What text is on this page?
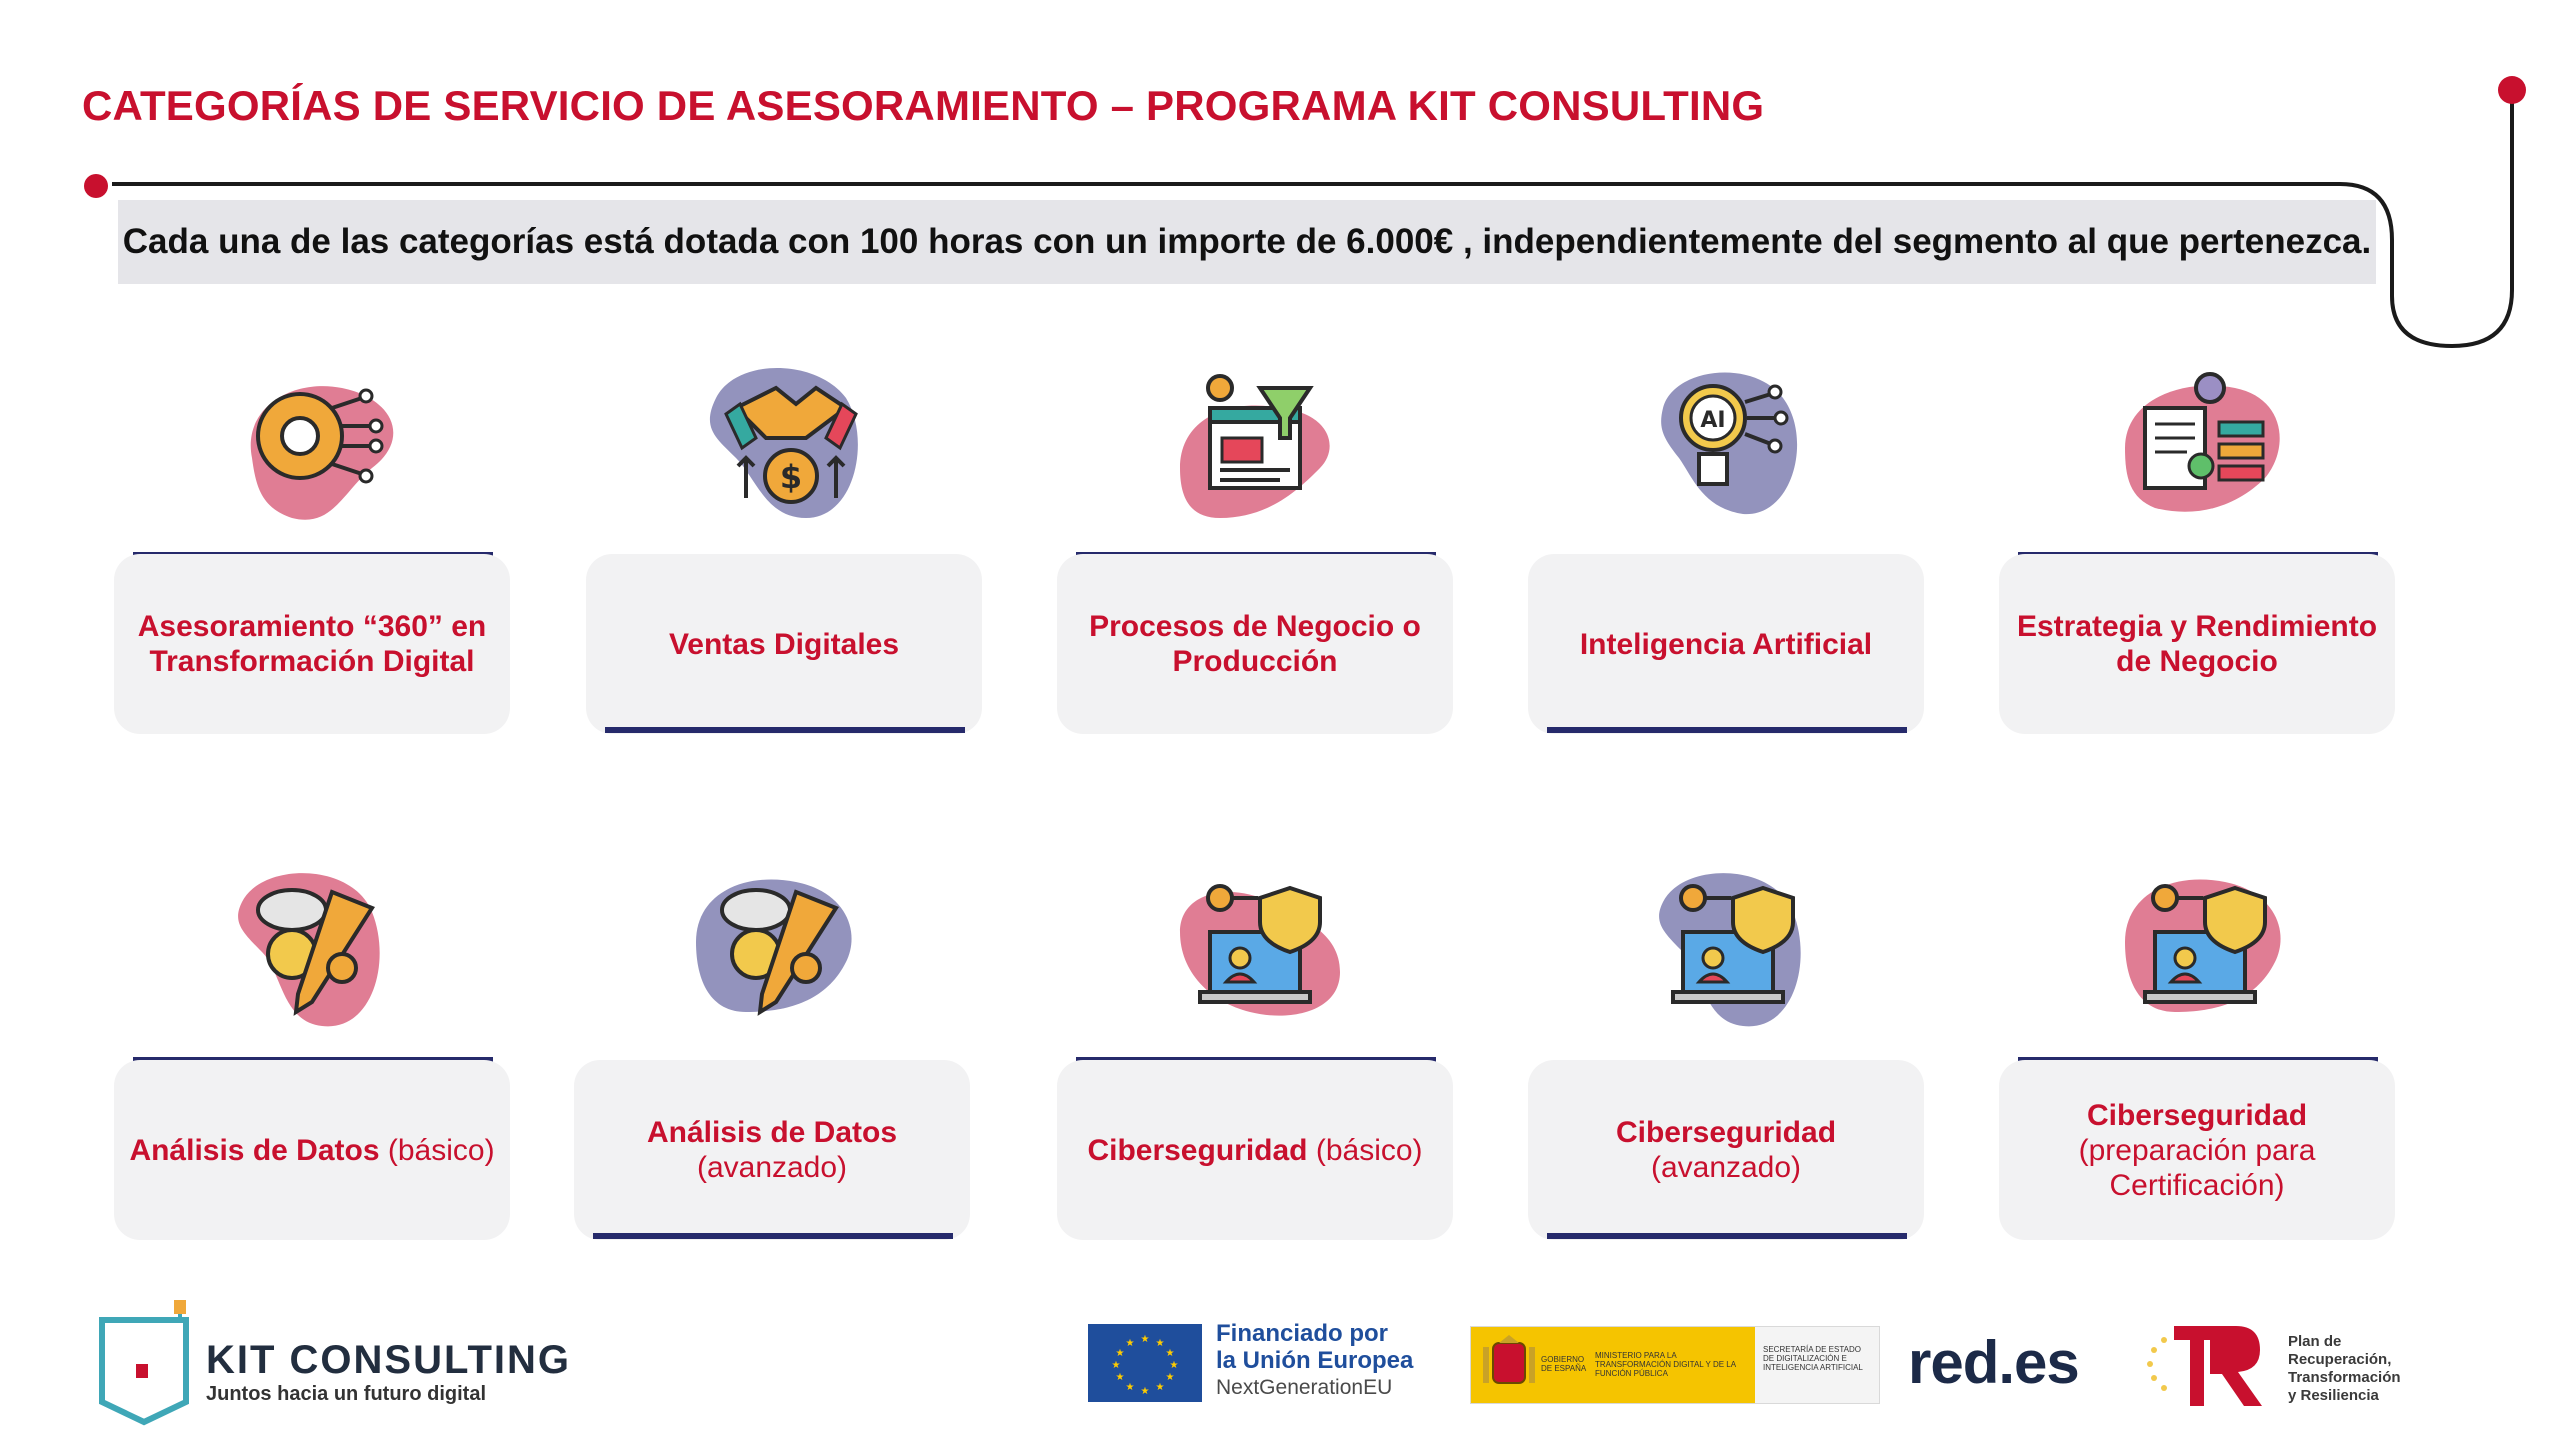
CATEGORÍAS DE SERVICIO DE ASESORAMIENTO – PROGRAMA KIT CONSULTING
Cada una de las categorías está dotada con 100 horas con un importe de 6.000€ , independientemente del segmento al que pertenezca.
Asesoramiento “360” en
Transformación Digital
$
Ventas Digitales
Procesos de Negocio o
Producción
AI
Inteligencia Artificial
Estrategia y Rendimiento
de Negocio
Análisis de Datos (básico)
Análisis de Datos
(avanzado)
Ciberseguridad (básico)
Ciberseguridad
(avanzado)
Ciberseguridad
(preparación para
Certificación)
KIT CONSULTING
Juntos hacia un futuro digital
★ ★
★
★
★
★
★
★
★
★
★
★	Financiado por
la Unión Europea
NextGenerationEU
GOBIERNO DE ESPAÑA
MINISTERIO PARA LA TRANSFORMACIÓN DIGITAL Y DE LA FUNCIÓN PÚBLICA
SECRETARÍA DE ESTADO DE DIGITALIZACIÓN E INTELIGENCIA ARTIFICIAL red.es	Plan de
Recuperación,
Transformación
y Resiliencia
